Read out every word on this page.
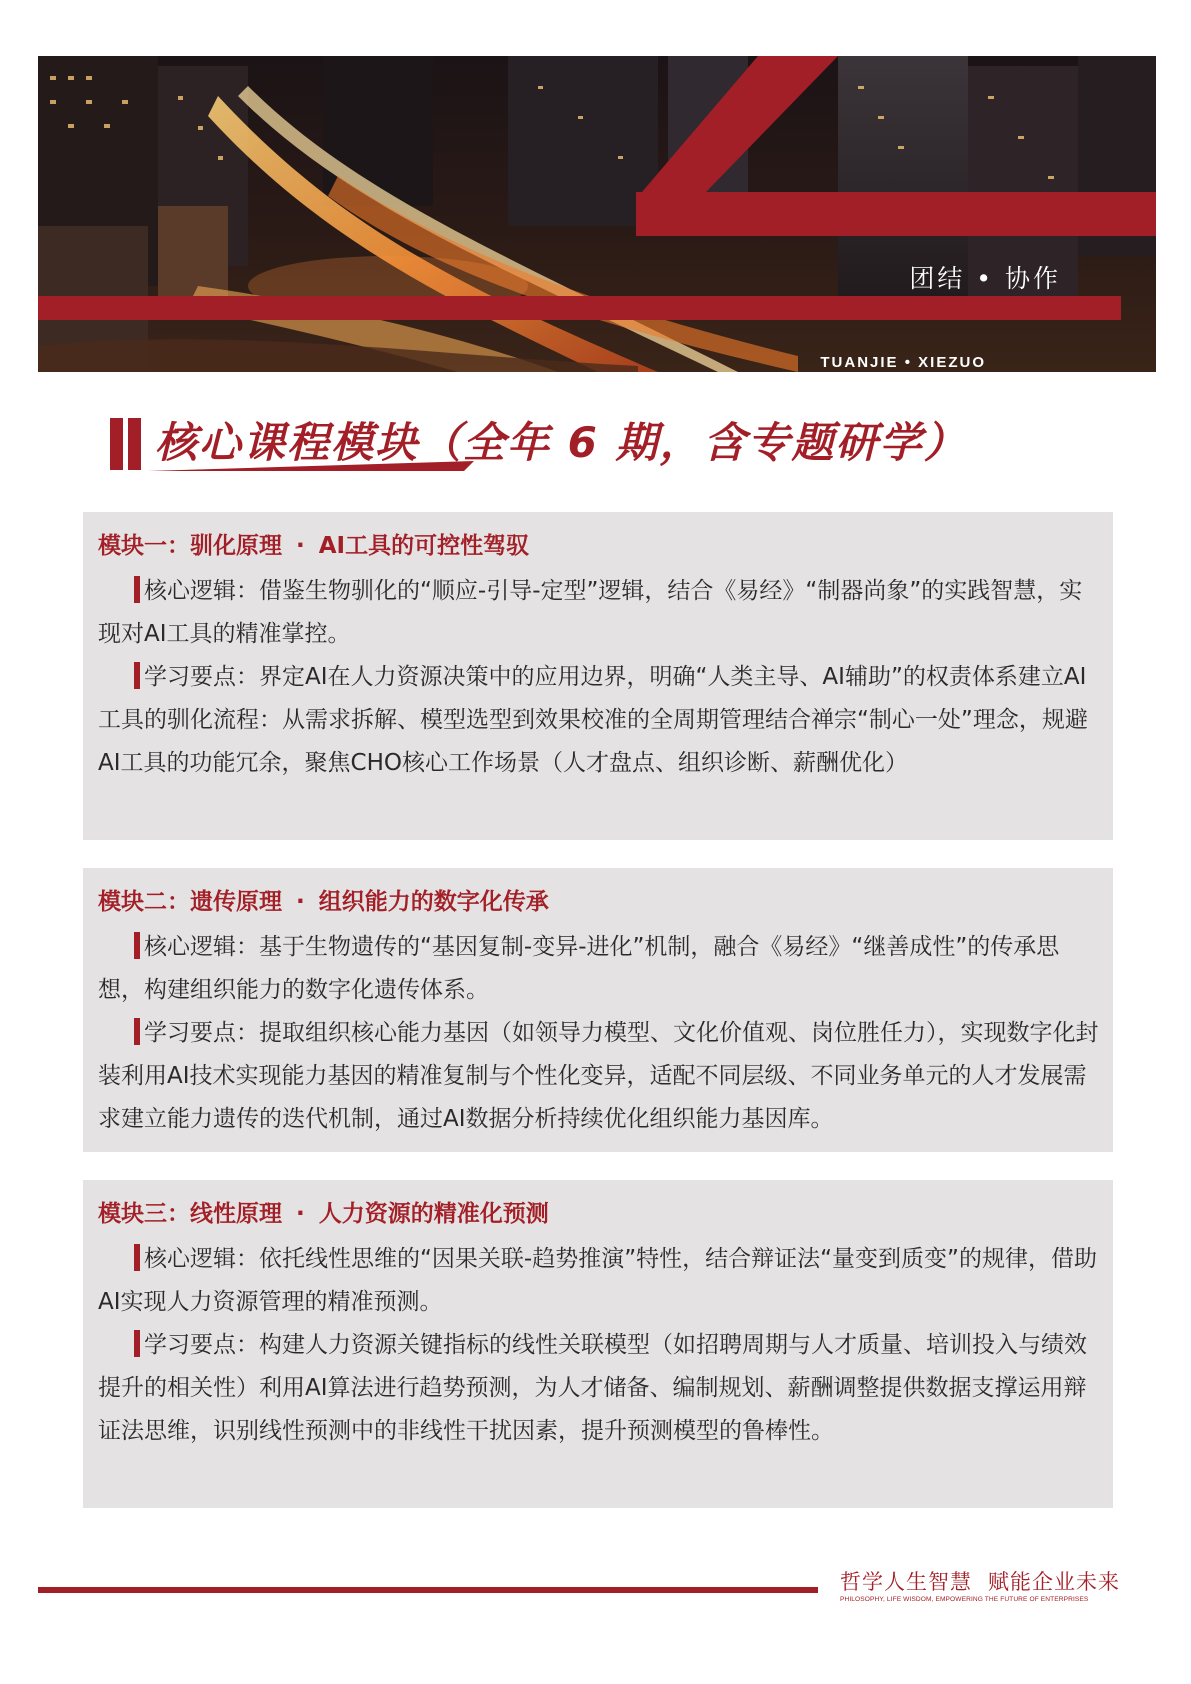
团结 • 协作
TUANJIE • XIEZUO
核心课程模块（全年 6 期，含专题研学）
模块一：驯化原理 · AI工具的可控性驾驭

核心逻辑：借鉴生物驯化的“顺应-引导-定型”逻辑，结合《易经》“制器尚象”的实践智慧，实现对AI工具的精准掌控。

学习要点：界定AI在人力资源决策中的应用边界，明确“人类主导、AI辅助”的权责体系建立AI工具的驯化流程：从需求拆解、模型选型到效果校准的全周期管理结合禅宗“制心一处”理念，规避AI工具的功能冗余，聚焦CHO核心工作场景（人才盘点、组织诊断、薪酬优化）

模块二：遗传原理 · 组织能力的数字化传承

核心逻辑：基于生物遗传的“基因复制-变异-进化”机制，融合《易经》“继善成性”的传承思想，构建组织能力的数字化遗传体系。

学习要点：提取组织核心能力基因（如领导力模型、文化价值观、岗位胜任力），实现数字化封装利用AI技术实现能力基因的精准复制与个性化变异，适配不同层级、不同业务单元的人才发展需求建立能力遗传的迭代机制，通过AI数据分析持续优化组织能力基因库。

模块三：线性原理 · 人力资源的精准化预测

核心逻辑：依托线性思维的“因果关联-趋势推演”特性，结合辩证法“量变到质变”的规律，借助AI实现人力资源管理的精准预测。

学习要点：构建人力资源关键指标的线性关联模型（如招聘周期与人才质量、培训投入与绩效提升的相关性）利用AI算法进行趋势预测，为人才储备、编制规划、薪酬调整提供数据支撑运用辩证法思维，识别线性预测中的非线性干扰因素，提升预测模型的鲁棒性。

哲学人生智慧 赋能企业未来
PHILOSOPHY, LIFE WISDOM, EMPOWERING THE FUTURE OF ENTERPRISES
